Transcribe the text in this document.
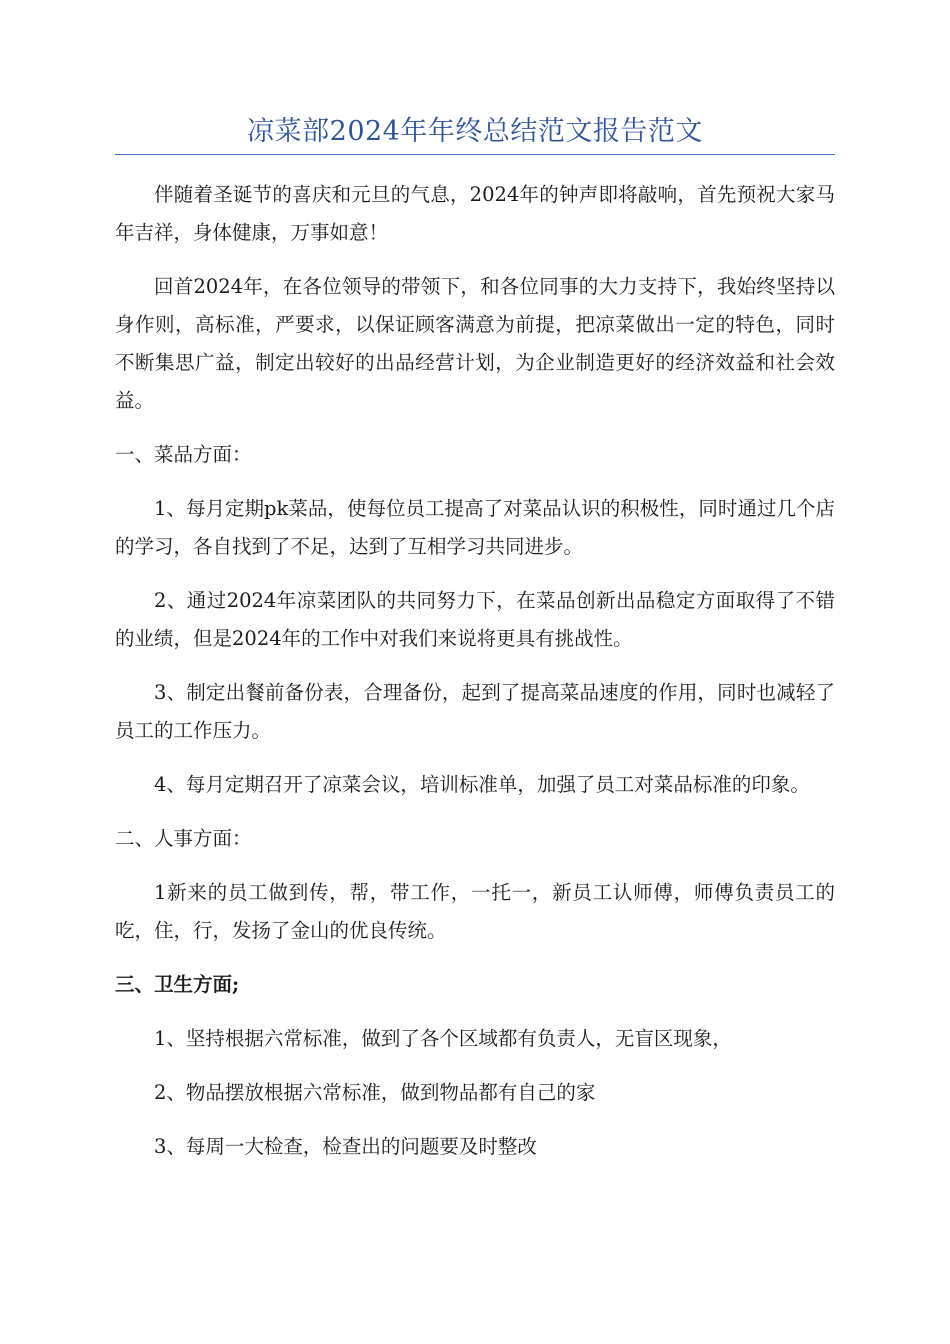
凉菜部2024年年终总结范文报告范文

伴随着圣诞节的喜庆和元旦的气息，2024年的钟声即将敲响，首先预祝大家马年吉祥，身体健康，万事如意！

回首2024年，在各位领导的带领下，和各位同事的大力支持下，我始终坚持以身作则，高标准，严要求，以保证顾客满意为前提，把凉菜做出一定的特色，同时不断集思广益，制定出较好的出品经营计划，为企业制造更好的经济效益和社会效益。

一、菜品方面：

1、每月定期pk菜品，使每位员工提高了对菜品认识的积极性，同时通过几个店的学习，各自找到了不足，达到了互相学习共同进步。

2、通过2024年凉菜团队的共同努力下，在菜品创新出品稳定方面取得了不错的业绩，但是2024年的工作中对我们来说将更具有挑战性。

3、制定出餐前备份表，合理备份，起到了提高菜品速度的作用，同时也减轻了员工的工作压力。

4、每月定期召开了凉菜会议，培训标准单，加强了员工对菜品标准的印象。

二、人事方面：

1新来的员工做到传，帮，带工作，一托一，新员工认师傅，师傅负责员工的吃，住，行，发扬了金山的优良传统。

三、卫生方面;

1、坚持根据六常标准，做到了各个区域都有负责人，无盲区现象，

2、物品摆放根据六常标准，做到物品都有自己的家

3、每周一大检查，检查出的问题要及时整改
